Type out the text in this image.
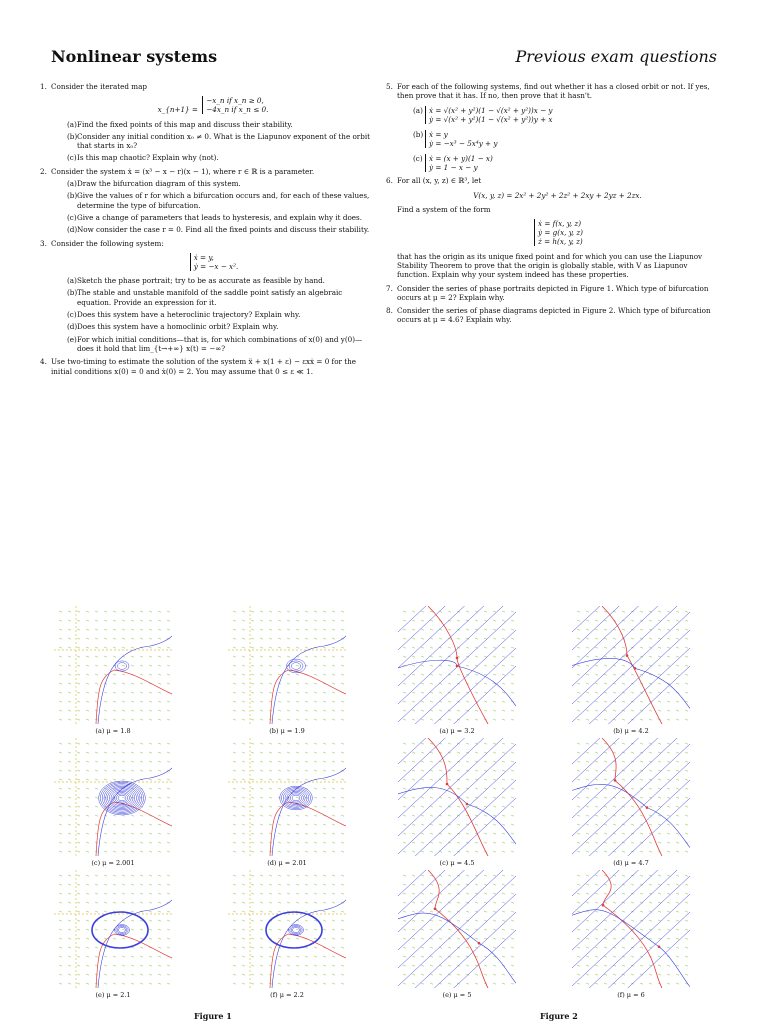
Nonlinear systems	Previous exam questions
1. Consider the iterated map
x_{n+1} = −x_n if x_n ≥ 0,
−4x_n if x_n ≤ 0.
(a) Find the fixed points of this map and discuss their stability.
(b) Consider any initial condition x₀ ≠ 0. What is the Liapunov exponent of the orbit that starts in x₀?
(c) Is this map chaotic? Explain why (not).
2. Consider the system ẋ = (x³ − x − r)(x − 1), where r ∈ ℝ is a parameter.
(a) Draw the bifurcation diagram of this system.
(b) Give the values of r for which a bifurcation occurs and, for each of these values, determine the type of bifurcation.
(c) Give a change of parameters that leads to hysteresis, and explain why it does.
(d) Now consider the case r = 0. Find all the fixed points and discuss their stability.
3. Consider the following system:
ẋ = y,
ẏ = −x − x².
(a) Sketch the phase portrait; try to be as accurate as feasible by hand.
(b) The stable and unstable manifold of the saddle point satisfy an algebraic equation. Provide an expression for it.
(c) Does this system have a heteroclinic trajectory? Explain why.
(d) Does this system have a homoclinic orbit? Explain why.
(e) For which initial conditions—that is, for which combinations of x(0) and y(0)—does it hold that lim_{t→+∞} x(t) = −∞?
4. Use two-timing to estimate the solution of the system ẍ + x(1 + ε) − εxẋ = 0 for the initial conditions x(0) = 0 and ẋ(0) = 2. You may assume that 0 ≤ ε ≪ 1.
5. For each of the following systems, find out whether it has a closed orbit or not. If yes, then prove that it has. If no, then prove that it hasn't.
(a) ẋ = √(x² + y²)(1 − √(x² + y²))x − y
ẏ = √(x² + y²)(1 − √(x² + y²))y + x
(b) ẋ = y
ẏ = −x³ − 5x⁴y + y
(c) ẋ = (x + y)(1 − x)
ẏ = 1 − x − y
6. For all (x, y, z) ∈ ℝ³, let
V(x, y, z) = 2x² + 2y² + 2z² + 2xy + 2yz + 2zx.
Find a system of the form
ẋ = f(x, y, z)
ẏ = g(x, y, z)
ż = h(x, y, z)
that has the origin as its unique fixed point and for which you can use the Liapunov Stability Theorem to prove that the origin is globally stable, with V as Liapunov function. Explain why your system indeed has these properties.
7. Consider the series of phase portraits depicted in Figure 1. Which type of bifurcation occurs at μ = 2? Explain why.
8. Consider the series of phase diagrams depicted in Figure 2. Which type of bifurcation occurs at μ = 4.6? Explain why.
(a) μ = 1.8	(b) μ = 1.9
(c) μ = 2.001	(d) μ = 2.01
(e) μ = 2.1	(f) μ = 2.2
(a) μ = 3.2	(b) μ = 4.2
(c) μ = 4.5	(d) μ = 4.7
(e) μ = 5	(f) μ = 6
Figure 1	Figure 2
